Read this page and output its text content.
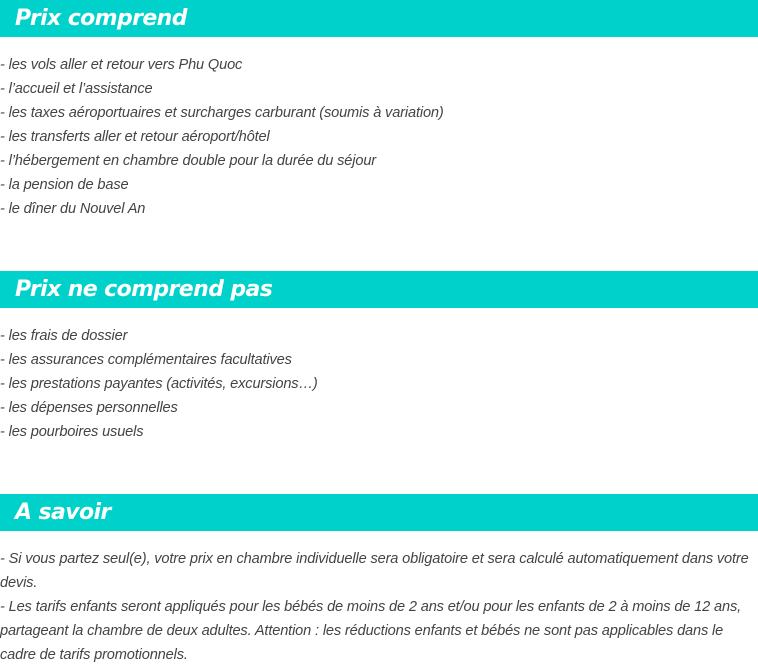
Prix comprend
- les vols aller et retour vers Phu Quoc
- l’accueil et l’assistance
- les taxes aéroportuaires et surcharges carburant (soumis à variation)
- les transferts aller et retour aéroport/hôtel
- l’hébergement en chambre double pour la durée du séjour
- la pension de base
- le dîner du Nouvel An
Prix ne comprend pas
- les frais de dossier
- les assurances complémentaires facultatives
- les prestations payantes (activités, excursions…)
- les dépenses personnelles
- les pourboires usuels
A savoir

- Si vous partez seul(e), votre prix en chambre individuelle sera obligatoire et sera calculé automatiquement dans votre devis.

- Les tarifs enfants seront appliqués pour les bébés de moins de 2 ans et/ou pour les enfants de 2 à moins de 12 ans, partageant la chambre de deux adultes. Attention : les réductions enfants et bébés ne sont pas applicables dans le cadre de tarifs promotionnels.
